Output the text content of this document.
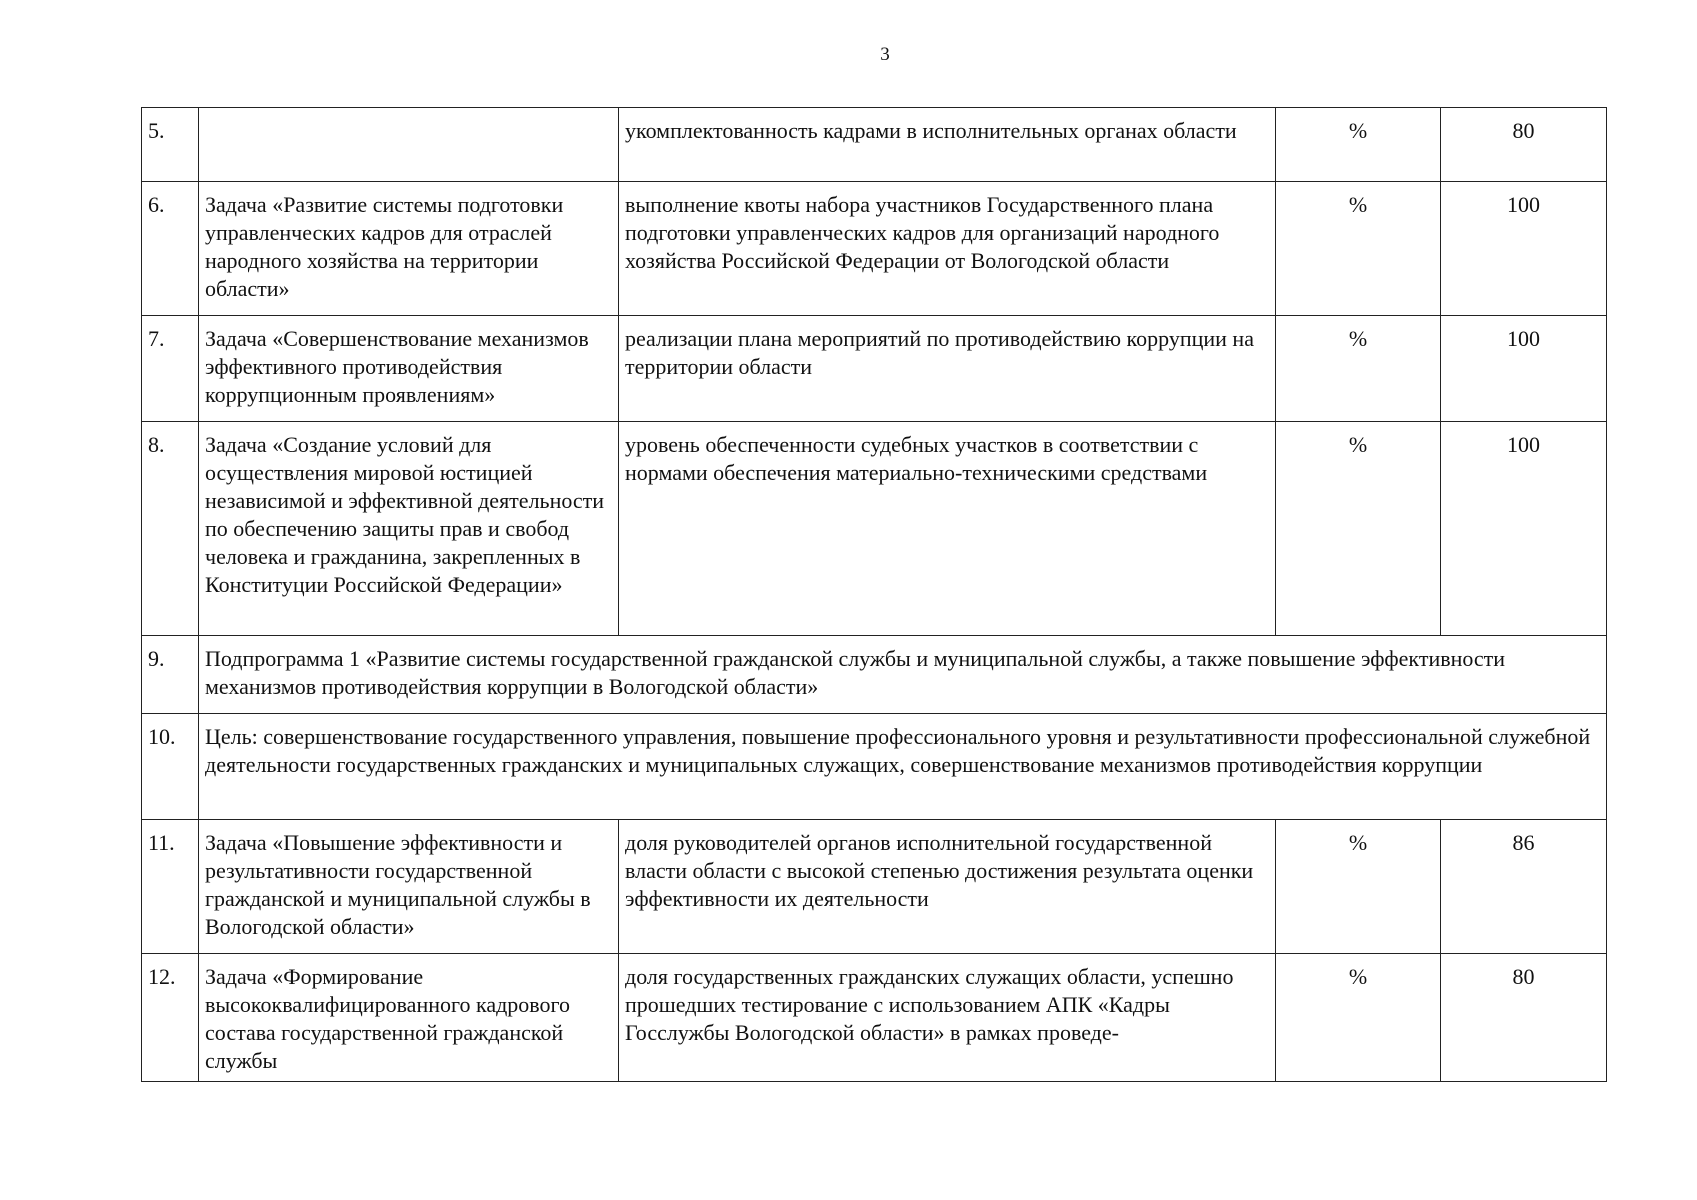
3
5.		укомплектованность кадрами в исполнительных органах области	%	80
6.	Задача «Развитие системы подготовки управленческих кадров для отраслей народного хозяйства на территории области»	выполнение квоты набора участников Государственного плана подготовки управленческих кадров для организаций народного хозяйства Российской Федерации от Вологодской области	%	100
7.	Задача «Совершенствование механизмов эффективного противодействия коррупционным проявлениям»	реализации плана мероприятий по противодействию коррупции на территории области	%	100
8.	Задача «Создание условий для осуществления мировой юстицией независимой и эффективной деятельности по обеспечению защиты прав и свобод человека и гражданина, закрепленных в Конституции Российской Федерации»	уровень обеспеченности судебных участков в соответствии с нормами обеспечения материально-техническими средствами	%	100
9.	Подпрограмма 1 «Развитие системы государственной гражданской службы и муниципальной службы, а также повышение эффективности механизмов противодействия коррупции в Вологодской области»			
10.	Цель: совершенствование государственного управления, повышение профессионального уровня и результативности профессиональной служебной деятельности государственных гражданских и муниципальных служащих, совершенствование механизмов противодействия коррупции			
11.	Задача «Повышение эффективности и результативности государственной гражданской и муниципальной службы в Вологодской области»	доля руководителей органов исполнительной государственной власти области с высокой степенью достижения результата оценки эффективности их деятельности	%	86
12.	Задача «Формирование высококвалифицированного кадрового состава государственной гражданской службы	доля государственных гражданских служащих области, успешно прошедших тестирование с использованием АПК «Кадры Госслужбы Вологодской области» в рамках проведе-	%	80
